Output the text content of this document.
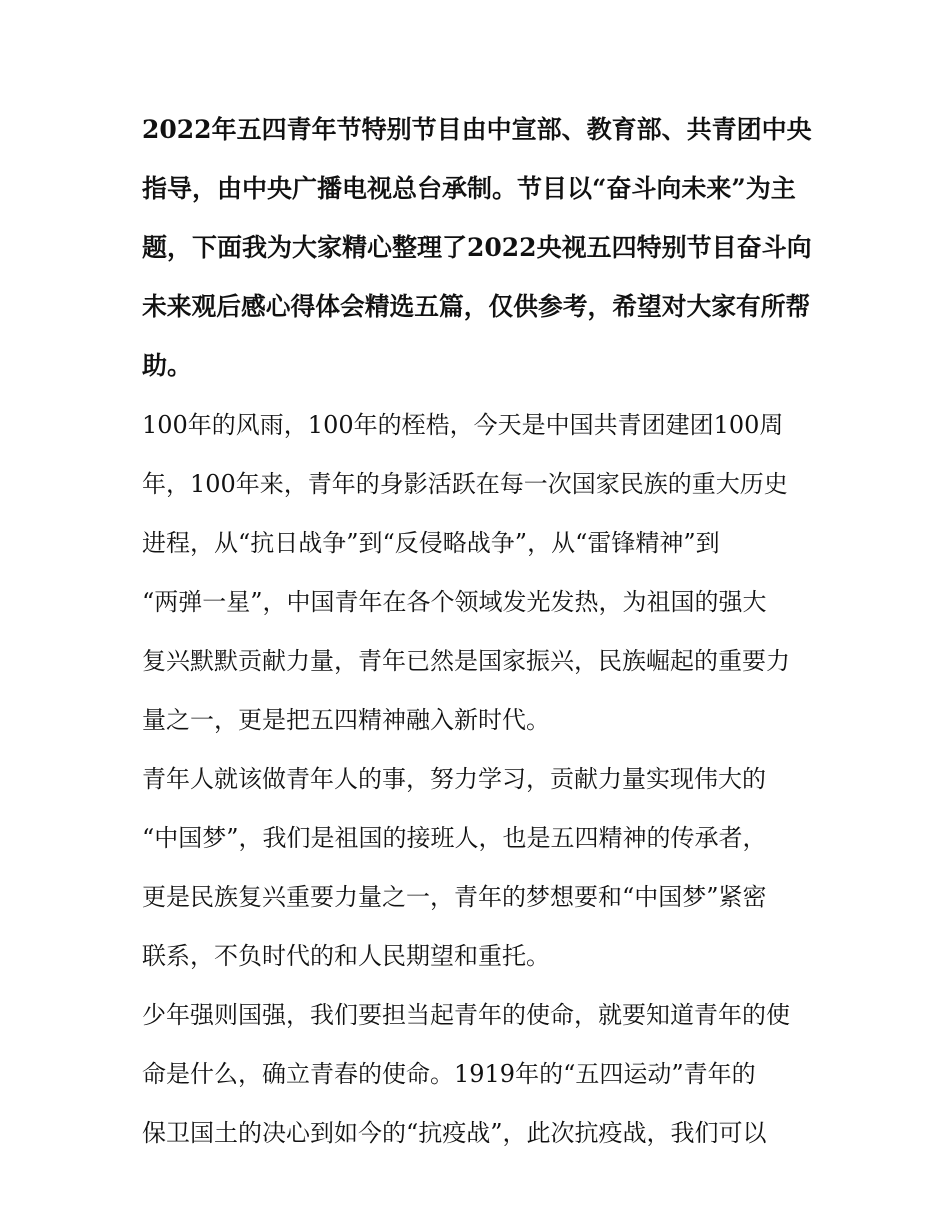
2022年五四青年节特别节目由中宣部、教育部、共青团中央
指导，由中央广播电视总台承制。节目以“奋斗向未来”为主
题，下面我为大家精心整理了2022央视五四特别节目奋斗向
未来观后感心得体会精选五篇，仅供参考，希望对大家有所帮
助。
100年的风雨，100年的桎梏，今天是中国共青团建团100周
年，100年来，青年的身影活跃在每一次国家民族的重大历史
进程，从“抗日战争”到“反侵略战争”，从“雷锋精神”到
“两弹一星”，中国青年在各个领域发光发热，为祖国的强大
复兴默默贡献力量，青年已然是国家振兴，民族崛起的重要力
量之一，更是把五四精神融入新时代。
青年人就该做青年人的事，努力学习，贡献力量实现伟大的
“中国梦”，我们是祖国的接班人，也是五四精神的传承者，
更是民族复兴重要力量之一，青年的梦想要和“中国梦”紧密
联系，不负时代的和人民期望和重托。
少年强则国强，我们要担当起青年的使命，就要知道青年的使
命是什么，确立青春的使命。1919年的“五四运动”青年的
保卫国土的决心到如今的“抗疫战”，此次抗疫战，我们可以
